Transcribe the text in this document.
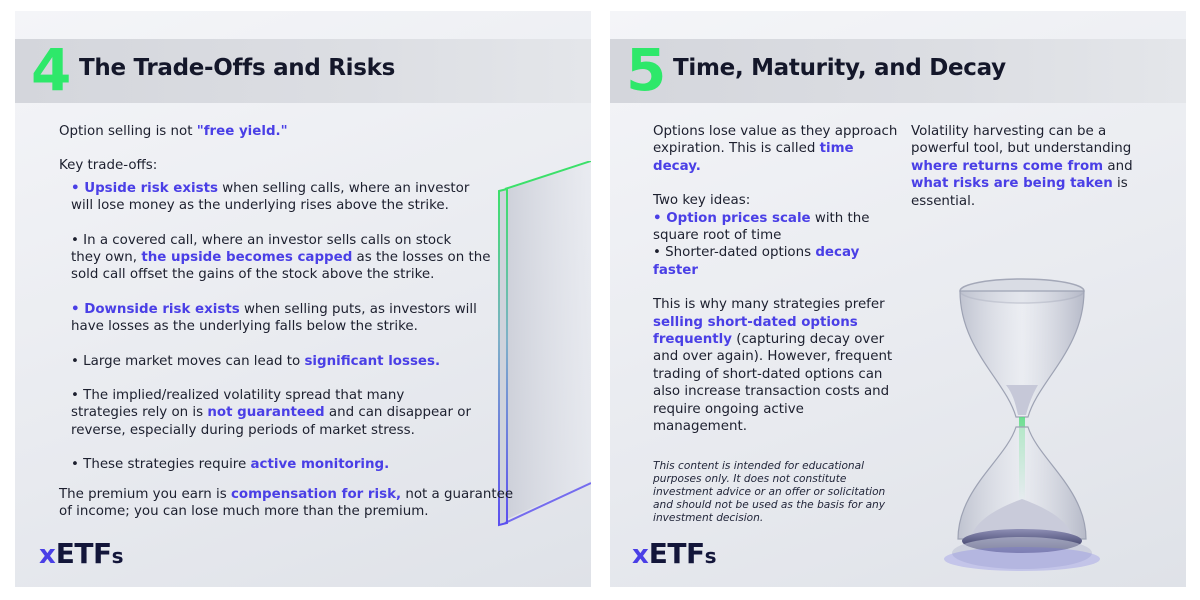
4 The Trade-Offs and Risks
Option selling is not "free yield."
Key trade-offs:
• Upside risk exists when selling calls, where an investor
will lose money as the underlying rises above the strike.
• In a covered call, where an investor sells calls on stock
they own, the upside becomes capped as the losses on the
sold call offset the gains of the stock above the strike.
• Downside risk exists when selling puts, as investors will
have losses as the underlying falls below the strike.
• Large market moves can lead to significant losses.
• The implied/realized volatility spread that many
strategies rely on is not guaranteed and can disappear or
reverse, especially during periods of market stress.
• These strategies require active monitoring.
The premium you earn is compensation for risk, not a guarantee
of income; you can lose much more than the premium.
xETFs
5 Time, Maturity, and Decay
Options lose value as they approach
expiration. This is called time
decay.
Two key ideas:
• Option prices scale with the
square root of time
• Shorter-dated options decay
faster
This is why many strategies prefer
selling short-dated options
frequently (capturing decay over
and over again). However, frequent
trading of short-dated options can
also increase transaction costs and
require ongoing active
management.
Volatility harvesting can be a
powerful tool, but understanding
where returns come from and
what risks are being taken is
essential.
This content is intended for educational
purposes only. It does not constitute
investment advice or an offer or solicitation
and should not be used as the basis for any
investment decision.
xETFs
